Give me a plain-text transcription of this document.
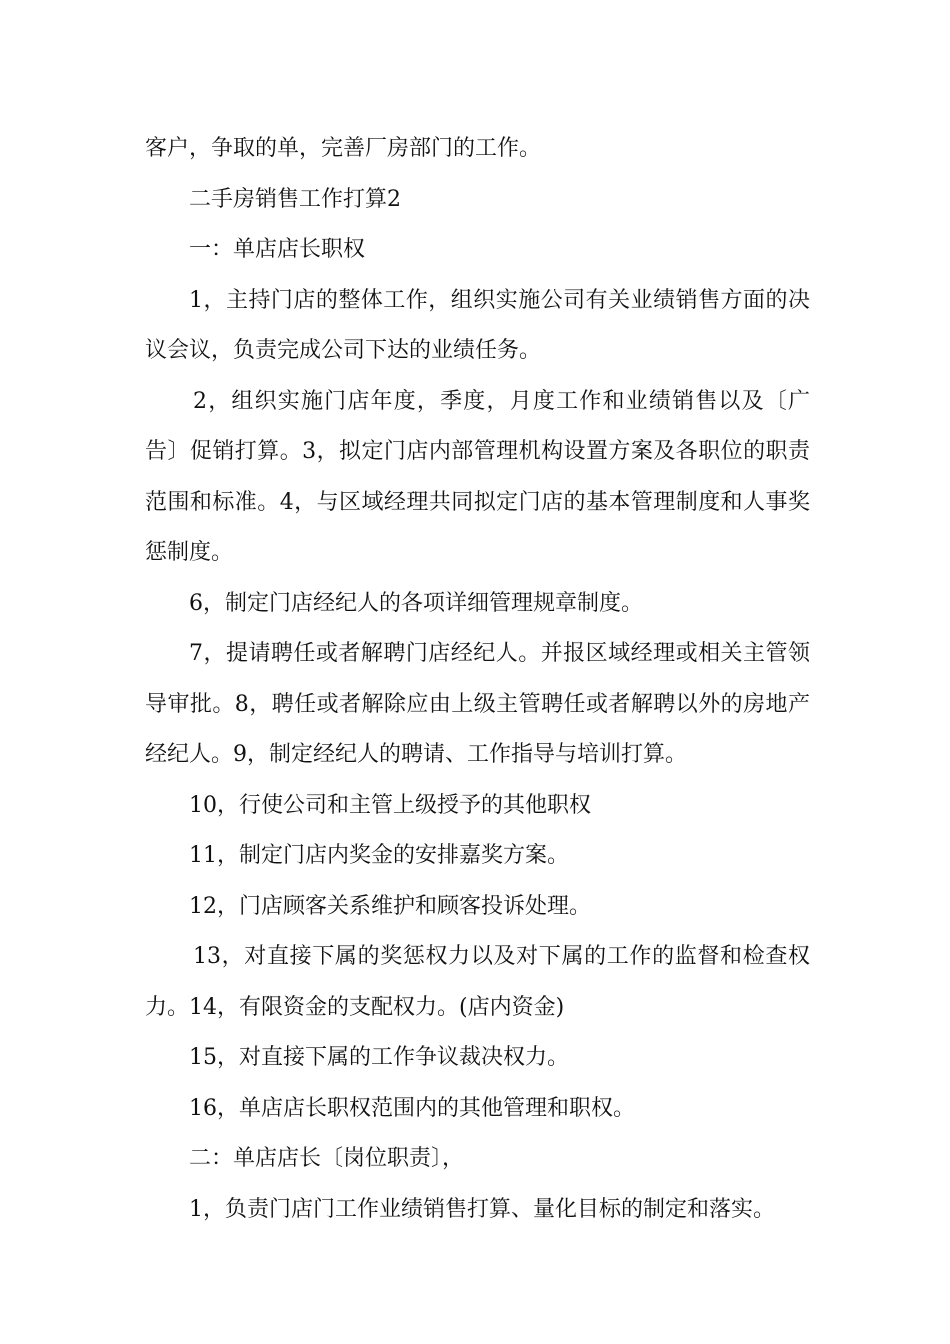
客户，争取的单，完善厂房部门的工作。

二手房销售工作打算2

一：单店店长职权

1，主持门店的整体工作，组织实施公司有关业绩销售方面的决议会议，负责完成公司下达的业绩任务。

2，组织实施门店年度，季度，月度工作和业绩销售以及〔广告〕促销打算。3，拟定门店内部管理机构设置方案及各职位的职责范围和标准。4，与区域经理共同拟定门店的基本管理制度和人事奖惩制度。

6，制定门店经纪人的各项详细管理规章制度。

7，提请聘任或者解聘门店经纪人。并报区域经理或相关主管领导审批。8，聘任或者解除应由上级主管聘任或者解聘以外的房地产经纪人。9，制定经纪人的聘请、工作指导与培训打算。

10，行使公司和主管上级授予的其他职权

11，制定门店内奖金的安排嘉奖方案。

12，门店顾客关系维护和顾客投诉处理。

13，对直接下属的奖惩权力以及对下属的工作的监督和检查权力。14，有限资金的支配权力。(店内资金)

15，对直接下属的工作争议裁决权力。

16，单店店长职权范围内的其他管理和职权。

二：单店店长〔岗位职责〕，

1，负责门店门工作业绩销售打算、量化目标的制定和落实。
